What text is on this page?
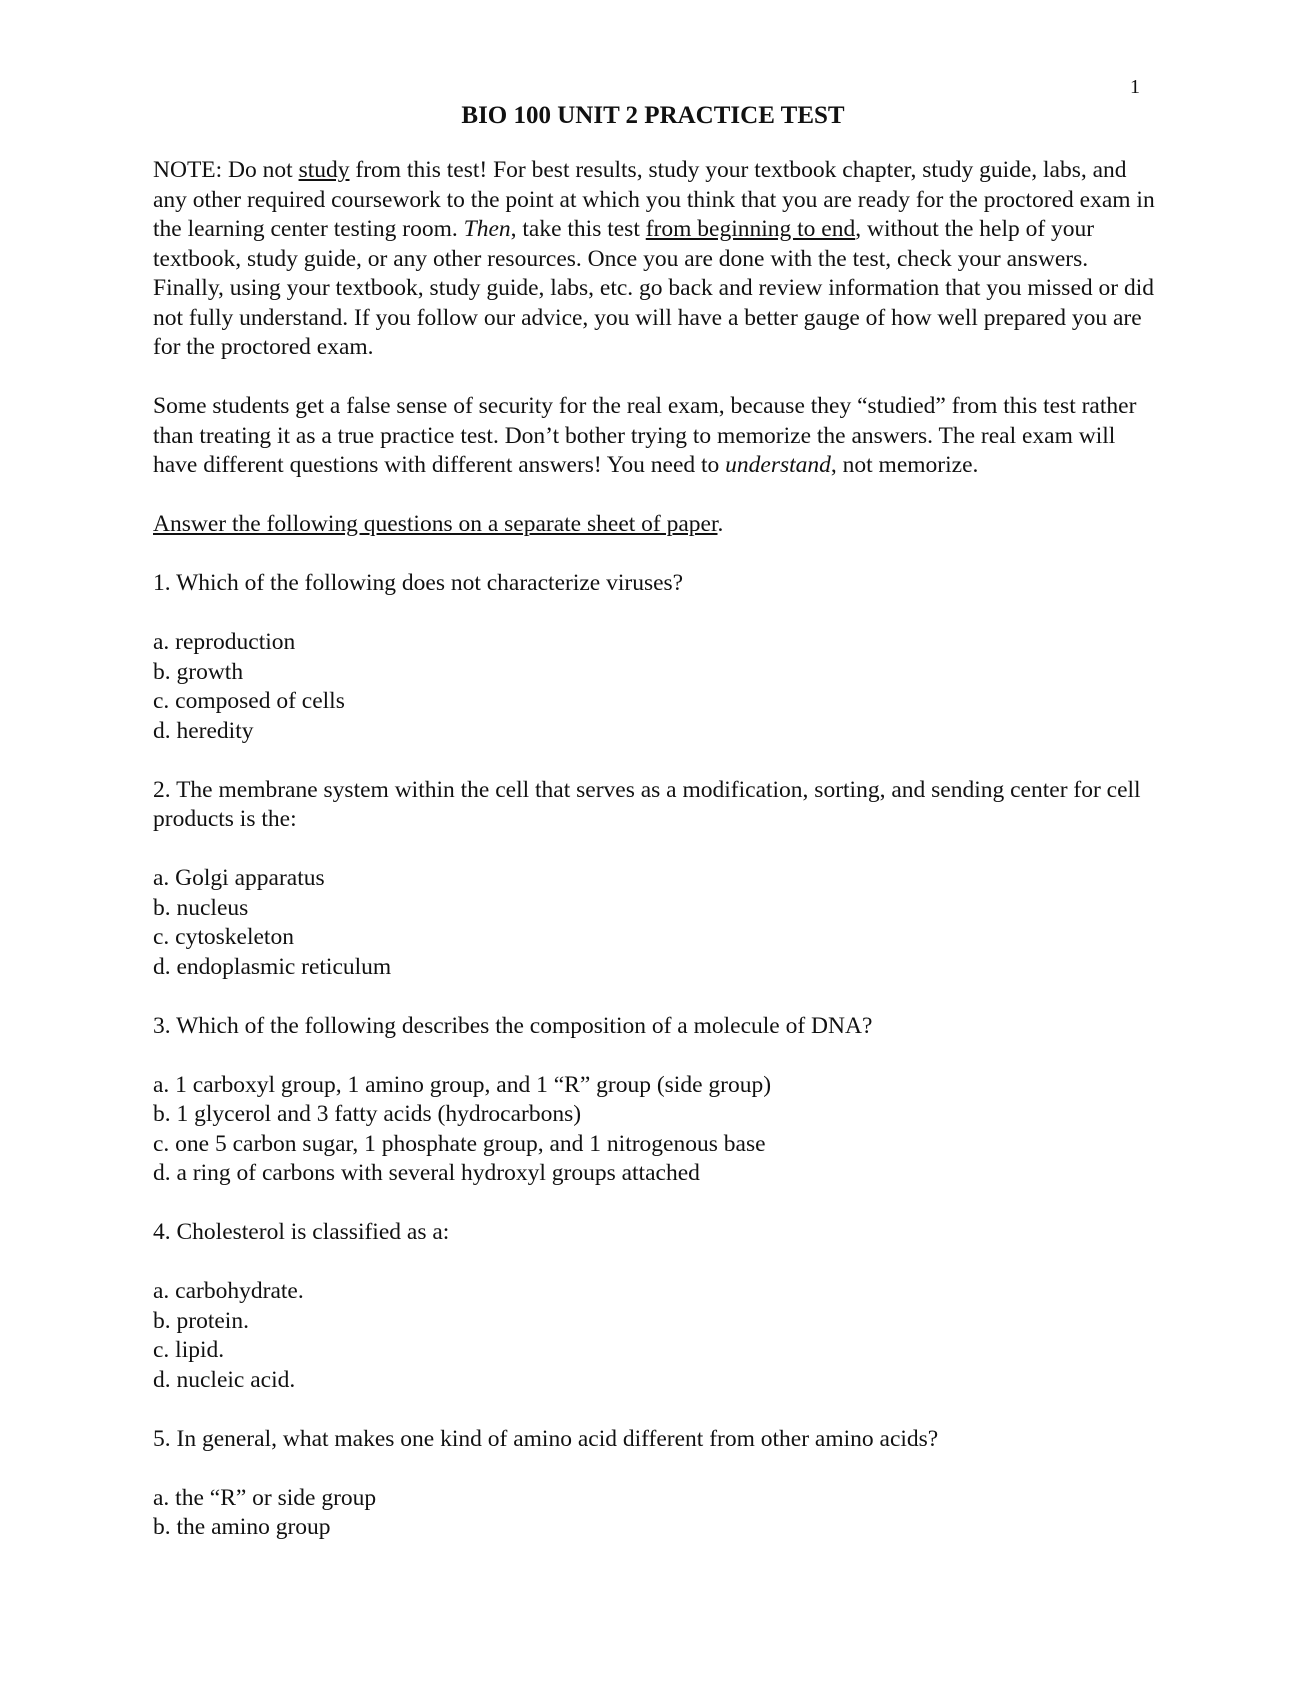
1
BIO 100 UNIT 2 PRACTICE TEST

NOTE: Do not study from this test! For best results, study your textbook chapter, study guide, labs, and any other required coursework to the point at which you think that you are ready for the proctored exam in the learning center testing room. Then, take this test from beginning to end, without the help of your textbook, study guide, or any other resources. Once you are done with the test, check your answers. Finally, using your textbook, study guide, labs, etc. go back and review information that you missed or did not fully understand. If you follow our advice, you will have a better gauge of how well prepared you are for the proctored exam.

Some students get a false sense of security for the real exam, because they “studied” from this test rather than treating it as a true practice test. Don’t bother trying to memorize the answers. The real exam will have different questions with different answers! You need to understand, not memorize.

Answer the following questions on a separate sheet of paper.

1. Which of the following does not characterize viruses?

a. reproduction
b. growth
c. composed of cells
d. heredity

2. The membrane system within the cell that serves as a modification, sorting, and sending center for cell products is the:

a. Golgi apparatus
b. nucleus
c. cytoskeleton
d. endoplasmic reticulum

3. Which of the following describes the composition of a molecule of DNA?

a. 1 carboxyl group, 1 amino group, and 1 “R” group (side group)
b. 1 glycerol and 3 fatty acids (hydrocarbons)
c. one 5 carbon sugar, 1 phosphate group, and 1 nitrogenous base
d. a ring of carbons with several hydroxyl groups attached

4. Cholesterol is classified as a:

a. carbohydrate.
b. protein.
c. lipid.
d. nucleic acid.

5. In general, what makes one kind of amino acid different from other amino acids?

a. the “R” or side group
b. the amino group
